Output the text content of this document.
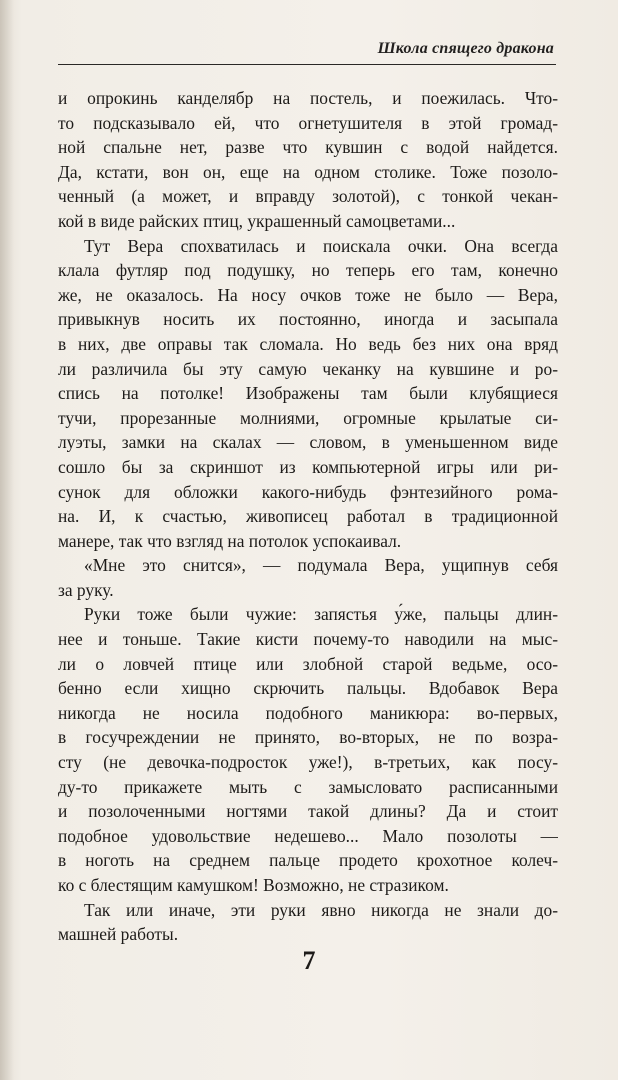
Школа спящего дракона
и опрокинь канделябр на постель, и поежилась. Что-
то подсказывало ей, что огнетушителя в этой громад-
ной спальне нет, разве что кувшин с водой найдется.
Да, кстати, вон он, еще на одном столике. Тоже позоло-
ченный (а может, и вправду золотой), с тонкой чекан-
кой в виде райских птиц, украшенный самоцветами...
Тут Вера спохватилась и поискала очки. Она всегда
клала футляр под подушку, но теперь его там, конечно
же, не оказалось. На носу очков тоже не было — Вера,
привыкнув носить их постоянно, иногда и засыпала
в них, две оправы так сломала. Но ведь без них она вряд
ли различила бы эту самую чеканку на кувшине и ро-
спись на потолке! Изображены там были клубящиеся
тучи, прорезанные молниями, огромные крылатые си-
луэты, замки на скалах — словом, в уменьшенном виде
сошло бы за скриншот из компьютерной игры или ри-
сунок для обложки какого-нибудь фэнтезийного рома-
на. И, к счастью, живописец работал в традиционной
манере, так что взгляд на потолок успокаивал.
«Мне это снится», — подумала Вера, ущипнув себя
за руку.
Руки тоже были чужие: запястья у́же, пальцы длин-
нее и тоньше. Такие кисти почему-то наводили на мыс-
ли о ловчей птице или злобной старой ведьме, осо-
бенно если хищно скрючить пальцы. Вдобавок Вера
никогда не носила подобного маникюра: во-первых,
в госучреждении не принято, во-вторых, не по возра-
сту (не девочка-подросток уже!), в-третьих, как посу-
ду-то прикажете мыть с замысловато расписанными
и позолоченными ногтями такой длины? Да и стоит
подобное удовольствие недешево... Мало позолоты —
в ноготь на среднем пальце продето крохотное колеч-
ко с блестящим камушком! Возможно, не стразиком.
Так или иначе, эти руки явно никогда не знали до-
машней работы.
7
